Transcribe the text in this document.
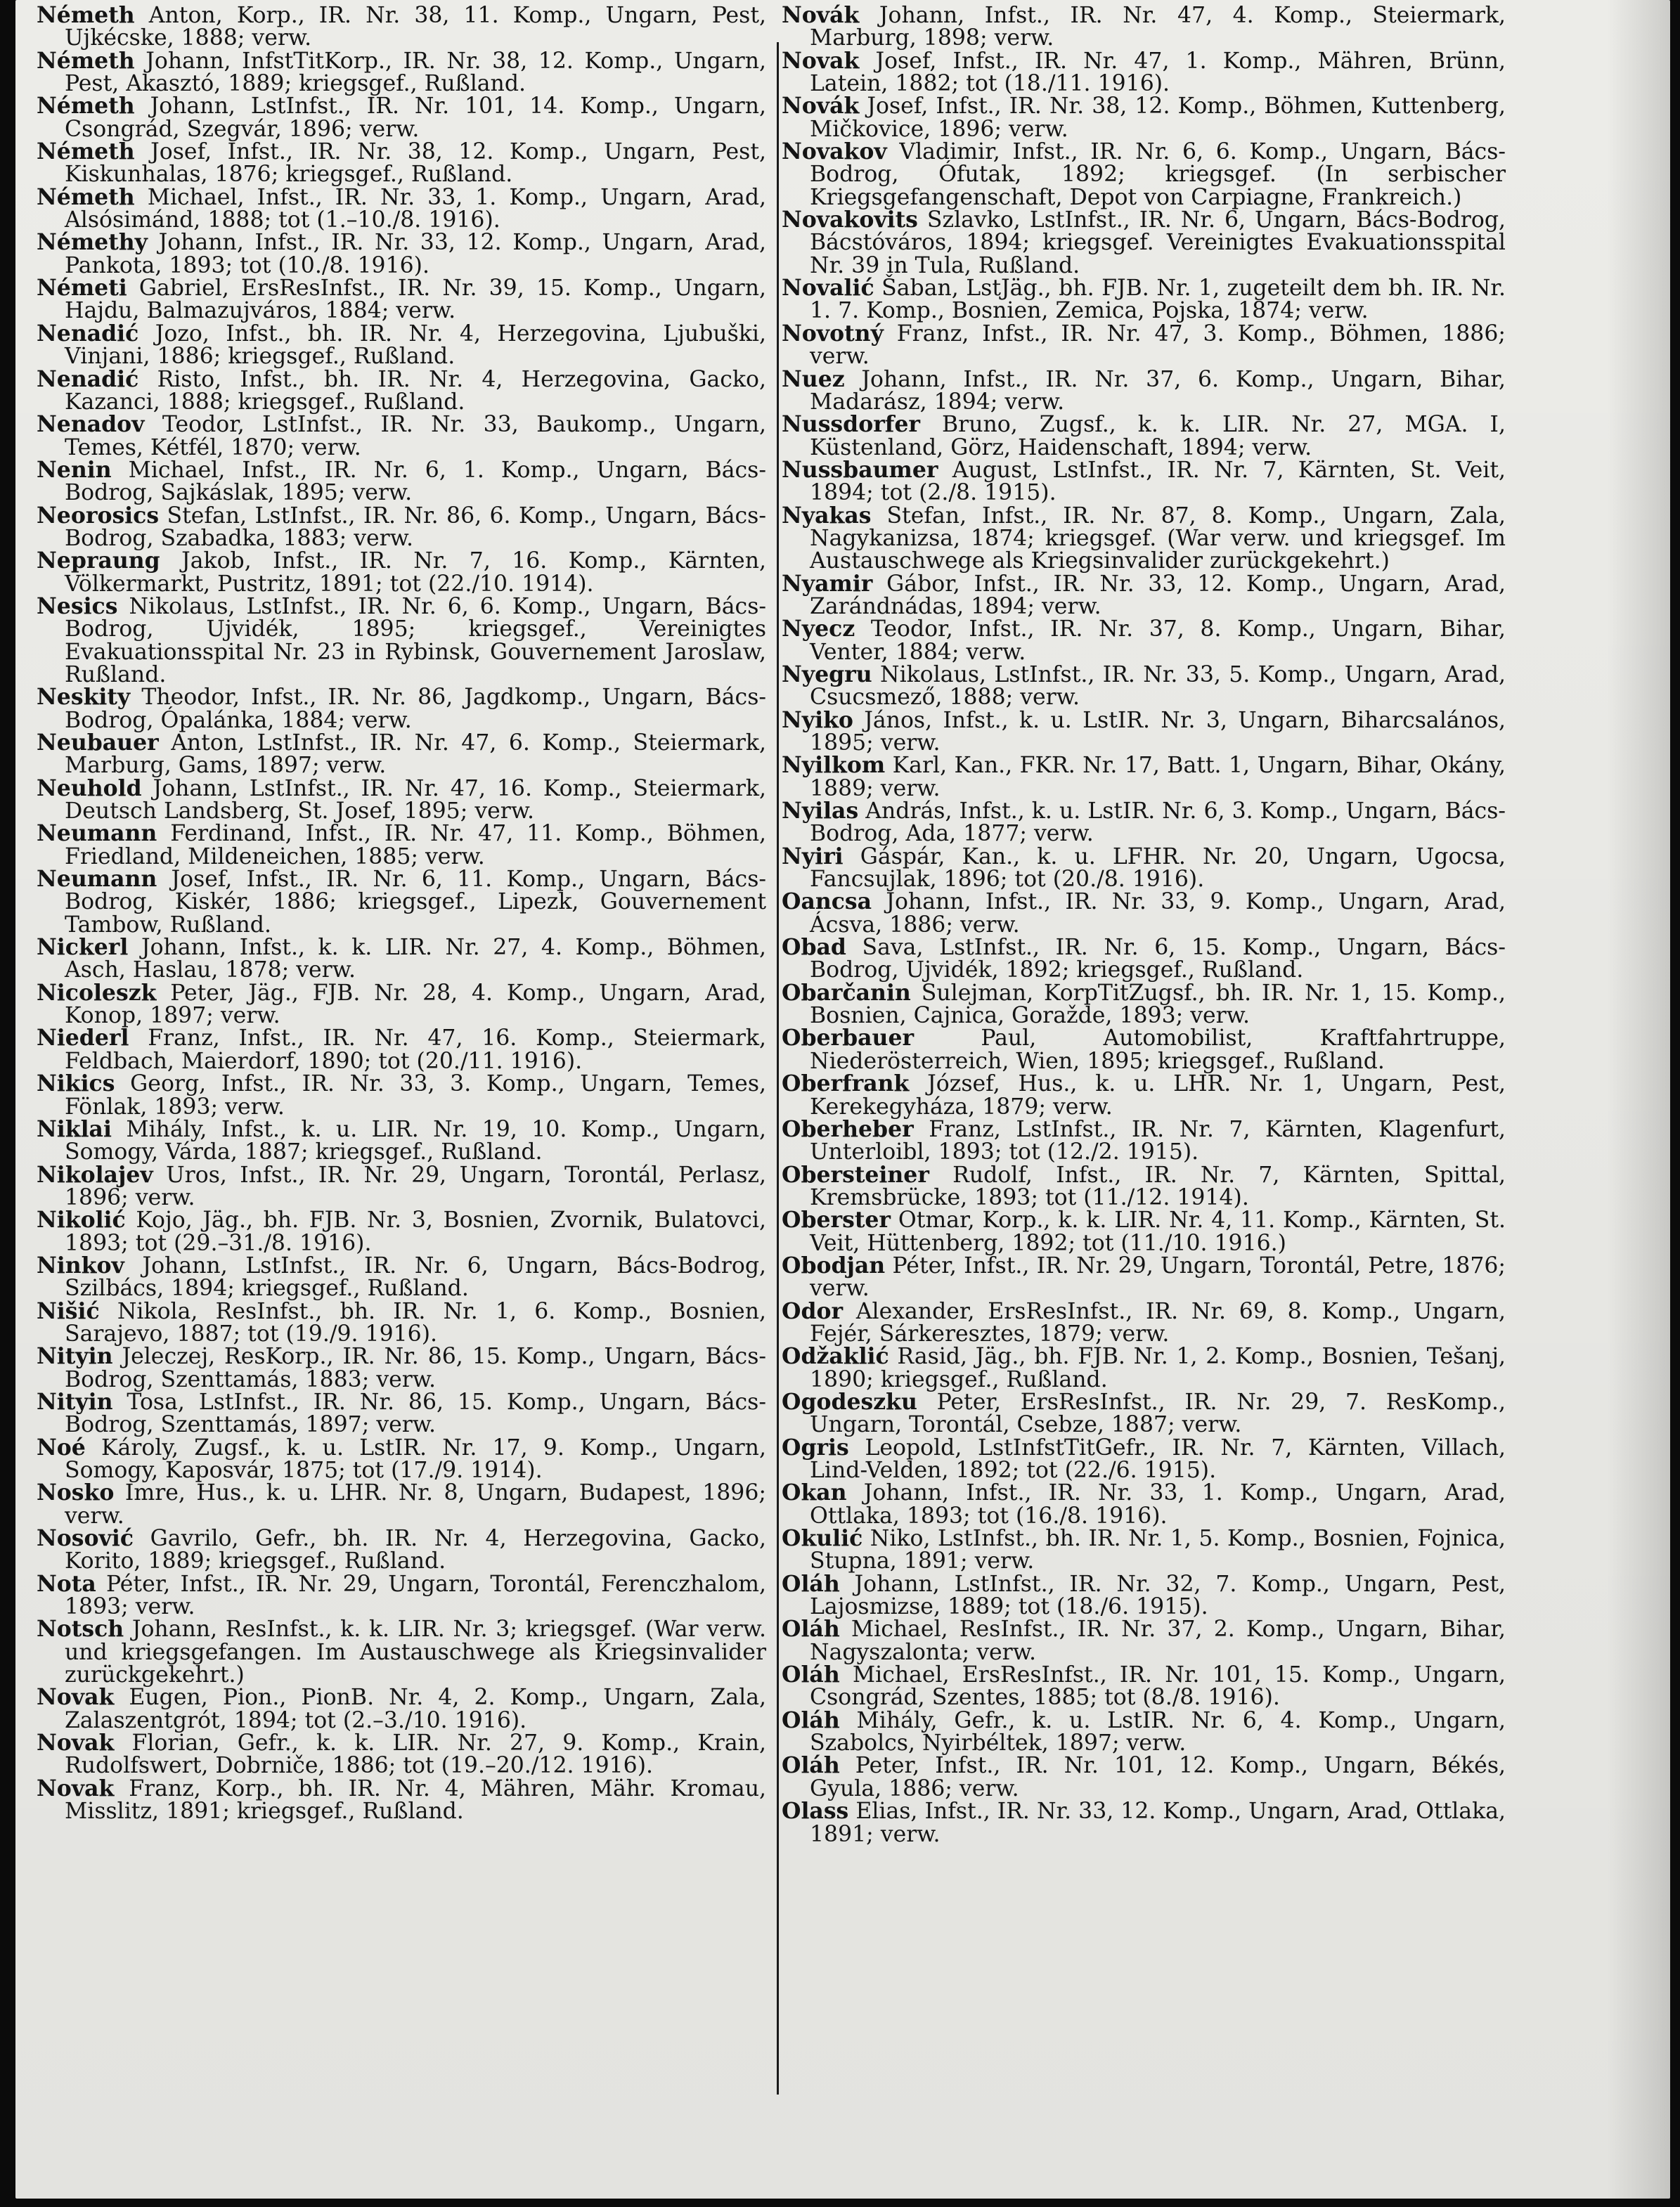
Németh Anton, Korp., IR. Nr. 38, 11. Komp., Ungarn, Pest, Ujkécske, 1888; verw.
Németh Johann, InfstTitKorp., IR. Nr. 38, 12. Komp., Ungarn, Pest, Akasztó, 1889; kriegsgef., Rußland.
Németh Johann, LstInfst., IR. Nr. 101, 14. Komp., Ungarn, Csongrád, Szegvár, 1896; verw.
Németh Josef, Infst., IR. Nr. 38, 12. Komp., Ungarn, Pest, Kiskunhalas, 1876; kriegsgef., Rußland.
Németh Michael, Infst., IR. Nr. 33, 1. Komp., Ungarn, Arad, Alsósimánd, 1888; tot (1.–10./8. 1916).
Némethy Johann, Infst., IR. Nr. 33, 12. Komp., Ungarn, Arad, Pankota, 1893; tot (10./8. 1916).
Németi Gabriel, ErsResInfst., IR. Nr. 39, 15. Komp., Ungarn, Hajdu, Balmazujváros, 1884; verw.
Nenadić Jozo, Infst., bh. IR. Nr. 4, Herzegovina, Ljubuški, Vinjani, 1886; kriegsgef., Rußland.
Nenadić Risto, Infst., bh. IR. Nr. 4, Herzegovina, Gacko, Kazanci, 1888; kriegsgef., Rußland.
Nenadov Teodor, LstInfst., IR. Nr. 33, Baukomp., Ungarn, Temes, Kétfél, 1870; verw.
Nenin Michael, Infst., IR. Nr. 6, 1. Komp., Ungarn, Bács-Bodrog, Sajkáslak, 1895; verw.
Neorosics Stefan, LstInfst., IR. Nr. 86, 6. Komp., Ungarn, Bács-Bodrog, Szabadka, 1883; verw.
Nepraung Jakob, Infst., IR. Nr. 7, 16. Komp., Kärnten, Völkermarkt, Pustritz, 1891; tot (22./10. 1914).
Nesics Nikolaus, LstInfst., IR. Nr. 6, 6. Komp., Ungarn, Bács-Bodrog, Ujvidék, 1895; kriegsgef., Vereinigtes Evakuationsspital Nr. 23 in Rybinsk, Gouvernement Jaroslaw, Rußland.
Neskity Theodor, Infst., IR. Nr. 86, Jagdkomp., Ungarn, Bács-Bodrog, Ópalánka, 1884; verw.
Neubauer Anton, LstInfst., IR. Nr. 47, 6. Komp., Steiermark, Marburg, Gams, 1897; verw.
Neuhold Johann, LstInfst., IR. Nr. 47, 16. Komp., Steiermark, Deutsch Landsberg, St. Josef, 1895; verw.
Neumann Ferdinand, Infst., IR. Nr. 47, 11. Komp., Böhmen, Friedland, Mildeneichen, 1885; verw.
Neumann Josef, Infst., IR. Nr. 6, 11. Komp., Ungarn, Bács-Bodrog, Kiskér, 1886; kriegsgef., Lipezk, Gouvernement Tambow, Rußland.
Nickerl Johann, Infst., k. k. LIR. Nr. 27, 4. Komp., Böhmen, Asch, Haslau, 1878; verw.
Nicoleszk Peter, Jäg., FJB. Nr. 28, 4. Komp., Ungarn, Arad, Konop, 1897; verw.
Niederl Franz, Infst., IR. Nr. 47, 16. Komp., Steiermark, Feldbach, Maierdorf, 1890; tot (20./11. 1916).
Nikics Georg, Infst., IR. Nr. 33, 3. Komp., Ungarn, Temes, Fönlak, 1893; verw.
Niklai Mihály, Infst., k. u. LIR. Nr. 19, 10. Komp., Ungarn, Somogy, Várda, 1887; kriegsgef., Rußland.
Nikolajev Uros, Infst., IR. Nr. 29, Ungarn, Torontál, Perlasz, 1896; verw.
Nikolić Kojo, Jäg., bh. FJB. Nr. 3, Bosnien, Zvornik, Bulatovci, 1893; tot (29.–31./8. 1916).
Ninkov Johann, LstInfst., IR. Nr. 6, Ungarn, Bács-Bodrog, Szilbács, 1894; kriegsgef., Rußland.
Nišić Nikola, ResInfst., bh. IR. Nr. 1, 6. Komp., Bosnien, Sarajevo, 1887; tot (19./9. 1916).
Nityin Jeleczej, ResKorp., IR. Nr. 86, 15. Komp., Ungarn, Bács-Bodrog, Szenttamás, 1883; verw.
Nityin Tosa, LstInfst., IR. Nr. 86, 15. Komp., Ungarn, Bács-Bodrog, Szenttamás, 1897; verw.
Noé Károly, Zugsf., k. u. LstIR. Nr. 17, 9. Komp., Ungarn, Somogy, Kaposvár, 1875; tot (17./9. 1914).
Nosko Imre, Hus., k. u. LHR. Nr. 8, Ungarn, Budapest, 1896; verw.
Nosović Gavrilo, Gefr., bh. IR. Nr. 4, Herzegovina, Gacko, Korito, 1889; kriegsgef., Rußland.
Nota Péter, Infst., IR. Nr. 29, Ungarn, Torontál, Ferenczhalom, 1893; verw.
Notsch Johann, ResInfst., k. k. LIR. Nr. 3; kriegsgef. (War verw. und kriegsgefangen. Im Austauschwege als Kriegsinvalider zurückgekehrt.)
Novak Eugen, Pion., PionB. Nr. 4, 2. Komp., Ungarn, Zala, Zalaszentgrót, 1894; tot (2.–3./10. 1916).
Novak Florian, Gefr., k. k. LIR. Nr. 27, 9. Komp., Krain, Rudolfswert, Dobrniče, 1886; tot (19.–20./12. 1916).
Novak Franz, Korp., bh. IR. Nr. 4, Mähren, Mähr. Kromau, Misslitz, 1891; kriegsgef., Rußland.
Novák Johann, Infst., IR. Nr. 47, 4. Komp., Steiermark, Marburg, 1898; verw.
Novak Josef, Infst., IR. Nr. 47, 1. Komp., Mähren, Brünn, Latein, 1882; tot (18./11. 1916).
Novák Josef, Infst., IR. Nr. 38, 12. Komp., Böhmen, Kuttenberg, Mičkovice, 1896; verw.
Novakov Vladimir, Infst., IR. Nr. 6, 6. Komp., Ungarn, Bács-Bodrog, Ófutak, 1892; kriegsgef. (In serbischer Kriegsgefangenschaft, Depot von Carpiagne, Frankreich.)
Novakovits Szlavko, LstInfst., IR. Nr. 6, Ungarn, Bács-Bodrog, Bácstóváros, 1894; kriegsgef. Vereinigtes Evakuationsspital Nr. 39 in Tula, Rußland.
Novalić Šaban, LstJäg., bh. FJB. Nr. 1, zugeteilt dem bh. IR. Nr. 1. 7. Komp., Bosnien, Zemica, Pojska, 1874; verw.
Novotný Franz, Infst., IR. Nr. 47, 3. Komp., Böhmen, 1886; verw.
Nuez Johann, Infst., IR. Nr. 37, 6. Komp., Ungarn, Bihar, Madarász, 1894; verw.
Nussdorfer Bruno, Zugsf., k. k. LIR. Nr. 27, MGA. I, Küstenland, Görz, Haidenschaft, 1894; verw.
Nussbaumer August, LstInfst., IR. Nr. 7, Kärnten, St. Veit, 1894; tot (2./8. 1915).
Nyakas Stefan, Infst., IR. Nr. 87, 8. Komp., Ungarn, Zala, Nagykanizsa, 1874; kriegsgef. (War verw. und kriegsgef. Im Austauschwege als Kriegsinvalider zurückgekehrt.)
Nyamir Gábor, Infst., IR. Nr. 33, 12. Komp., Ungarn, Arad, Zarándnádas, 1894; verw.
Nyecz Teodor, Infst., IR. Nr. 37, 8. Komp., Ungarn, Bihar, Venter, 1884; verw.
Nyegru Nikolaus, LstInfst., IR. Nr. 33, 5. Komp., Ungarn, Arad, Csucsmező, 1888; verw.
Nyiko János, Infst., k. u. LstIR. Nr. 3, Ungarn, Biharcsalános, 1895; verw.
Nyilkom Karl, Kan., FKR. Nr. 17, Batt. 1, Ungarn, Bihar, Okány, 1889; verw.
Nyilas András, Infst., k. u. LstIR. Nr. 6, 3. Komp., Ungarn, Bács-Bodrog, Ada, 1877; verw.
Nyiri Gáspár, Kan., k. u. LFHR. Nr. 20, Ungarn, Ugocsa, Fancsujlak, 1896; tot (20./8. 1916).
Oancsa Johann, Infst., IR. Nr. 33, 9. Komp., Ungarn, Arad, Ácsva, 1886; verw.
Obad Sava, LstInfst., IR. Nr. 6, 15. Komp., Ungarn, Bács-Bodrog, Ujvidék, 1892; kriegsgef., Rußland.
Obarčanin Sulejman, KorpTitZugsf., bh. IR. Nr. 1, 15. Komp., Bosnien, Cajnica, Goražde, 1893; verw.
Oberbauer	Paul, Automobilist, Kraftfahrtruppe, Niederösterreich, Wien, 1895; kriegsgef., Rußland.
Oberfrank József, Hus., k. u. LHR. Nr. 1, Ungarn, Pest, Kerekegyháza, 1879; verw.
Oberheber Franz, LstInfst., IR. Nr. 7, Kärnten, Klagenfurt, Unterloibl, 1893; tot (12./2. 1915).
Obersteiner Rudolf, Infst., IR. Nr. 7, Kärnten, Spittal, Kremsbrücke, 1893; tot (11./12. 1914).
Oberster Otmar, Korp., k. k. LIR. Nr. 4, 11. Komp., Kärnten, St. Veit, Hüttenberg, 1892; tot (11./10. 1916.)
Obodjan Péter, Infst., IR. Nr. 29, Ungarn, Torontál, Petre, 1876; verw.
Odor Alexander, ErsResInfst., IR. Nr. 69, 8. Komp., Ungarn, Fejér, Sárkeresztes, 1879; verw.
Odžaklić Rasid, Jäg., bh. FJB. Nr. 1, 2. Komp., Bosnien, Tešanj, 1890; kriegsgef., Rußland.
Ogodeszku Peter, ErsResInfst., IR. Nr. 29, 7. ResKomp., Ungarn, Torontál, Csebze, 1887; verw.
Ogris Leopold, LstInfstTitGefr., IR. Nr. 7, Kärnten, Villach, Lind-Velden, 1892; tot (22./6. 1915).
Okan Johann, Infst., IR. Nr. 33, 1. Komp., Ungarn, Arad, Ottlaka, 1893; tot (16./8. 1916).
Okulić Niko, LstInfst., bh. IR. Nr. 1, 5. Komp., Bosnien, Fojnica, Stupna, 1891; verw.
Oláh Johann, LstInfst., IR. Nr. 32, 7. Komp., Ungarn, Pest, Lajosmizse, 1889; tot (18./6. 1915).
Oláh Michael, ResInfst., IR. Nr. 37, 2. Komp., Ungarn, Bihar, Nagyszalonta; verw.
Oláh Michael, ErsResInfst., IR. Nr. 101, 15. Komp., Ungarn, Csongrád, Szentes, 1885; tot (8./8. 1916).
Oláh Mihály, Gefr., k. u. LstIR. Nr. 6, 4. Komp., Ungarn, Szabolcs, Nyirbéltek, 1897; verw.
Oláh Peter, Infst., IR. Nr. 101, 12. Komp., Ungarn, Békés, Gyula, 1886; verw.
Olass Elias, Infst., IR. Nr. 33, 12. Komp., Ungarn, Arad, Ottlaka, 1891; verw.
